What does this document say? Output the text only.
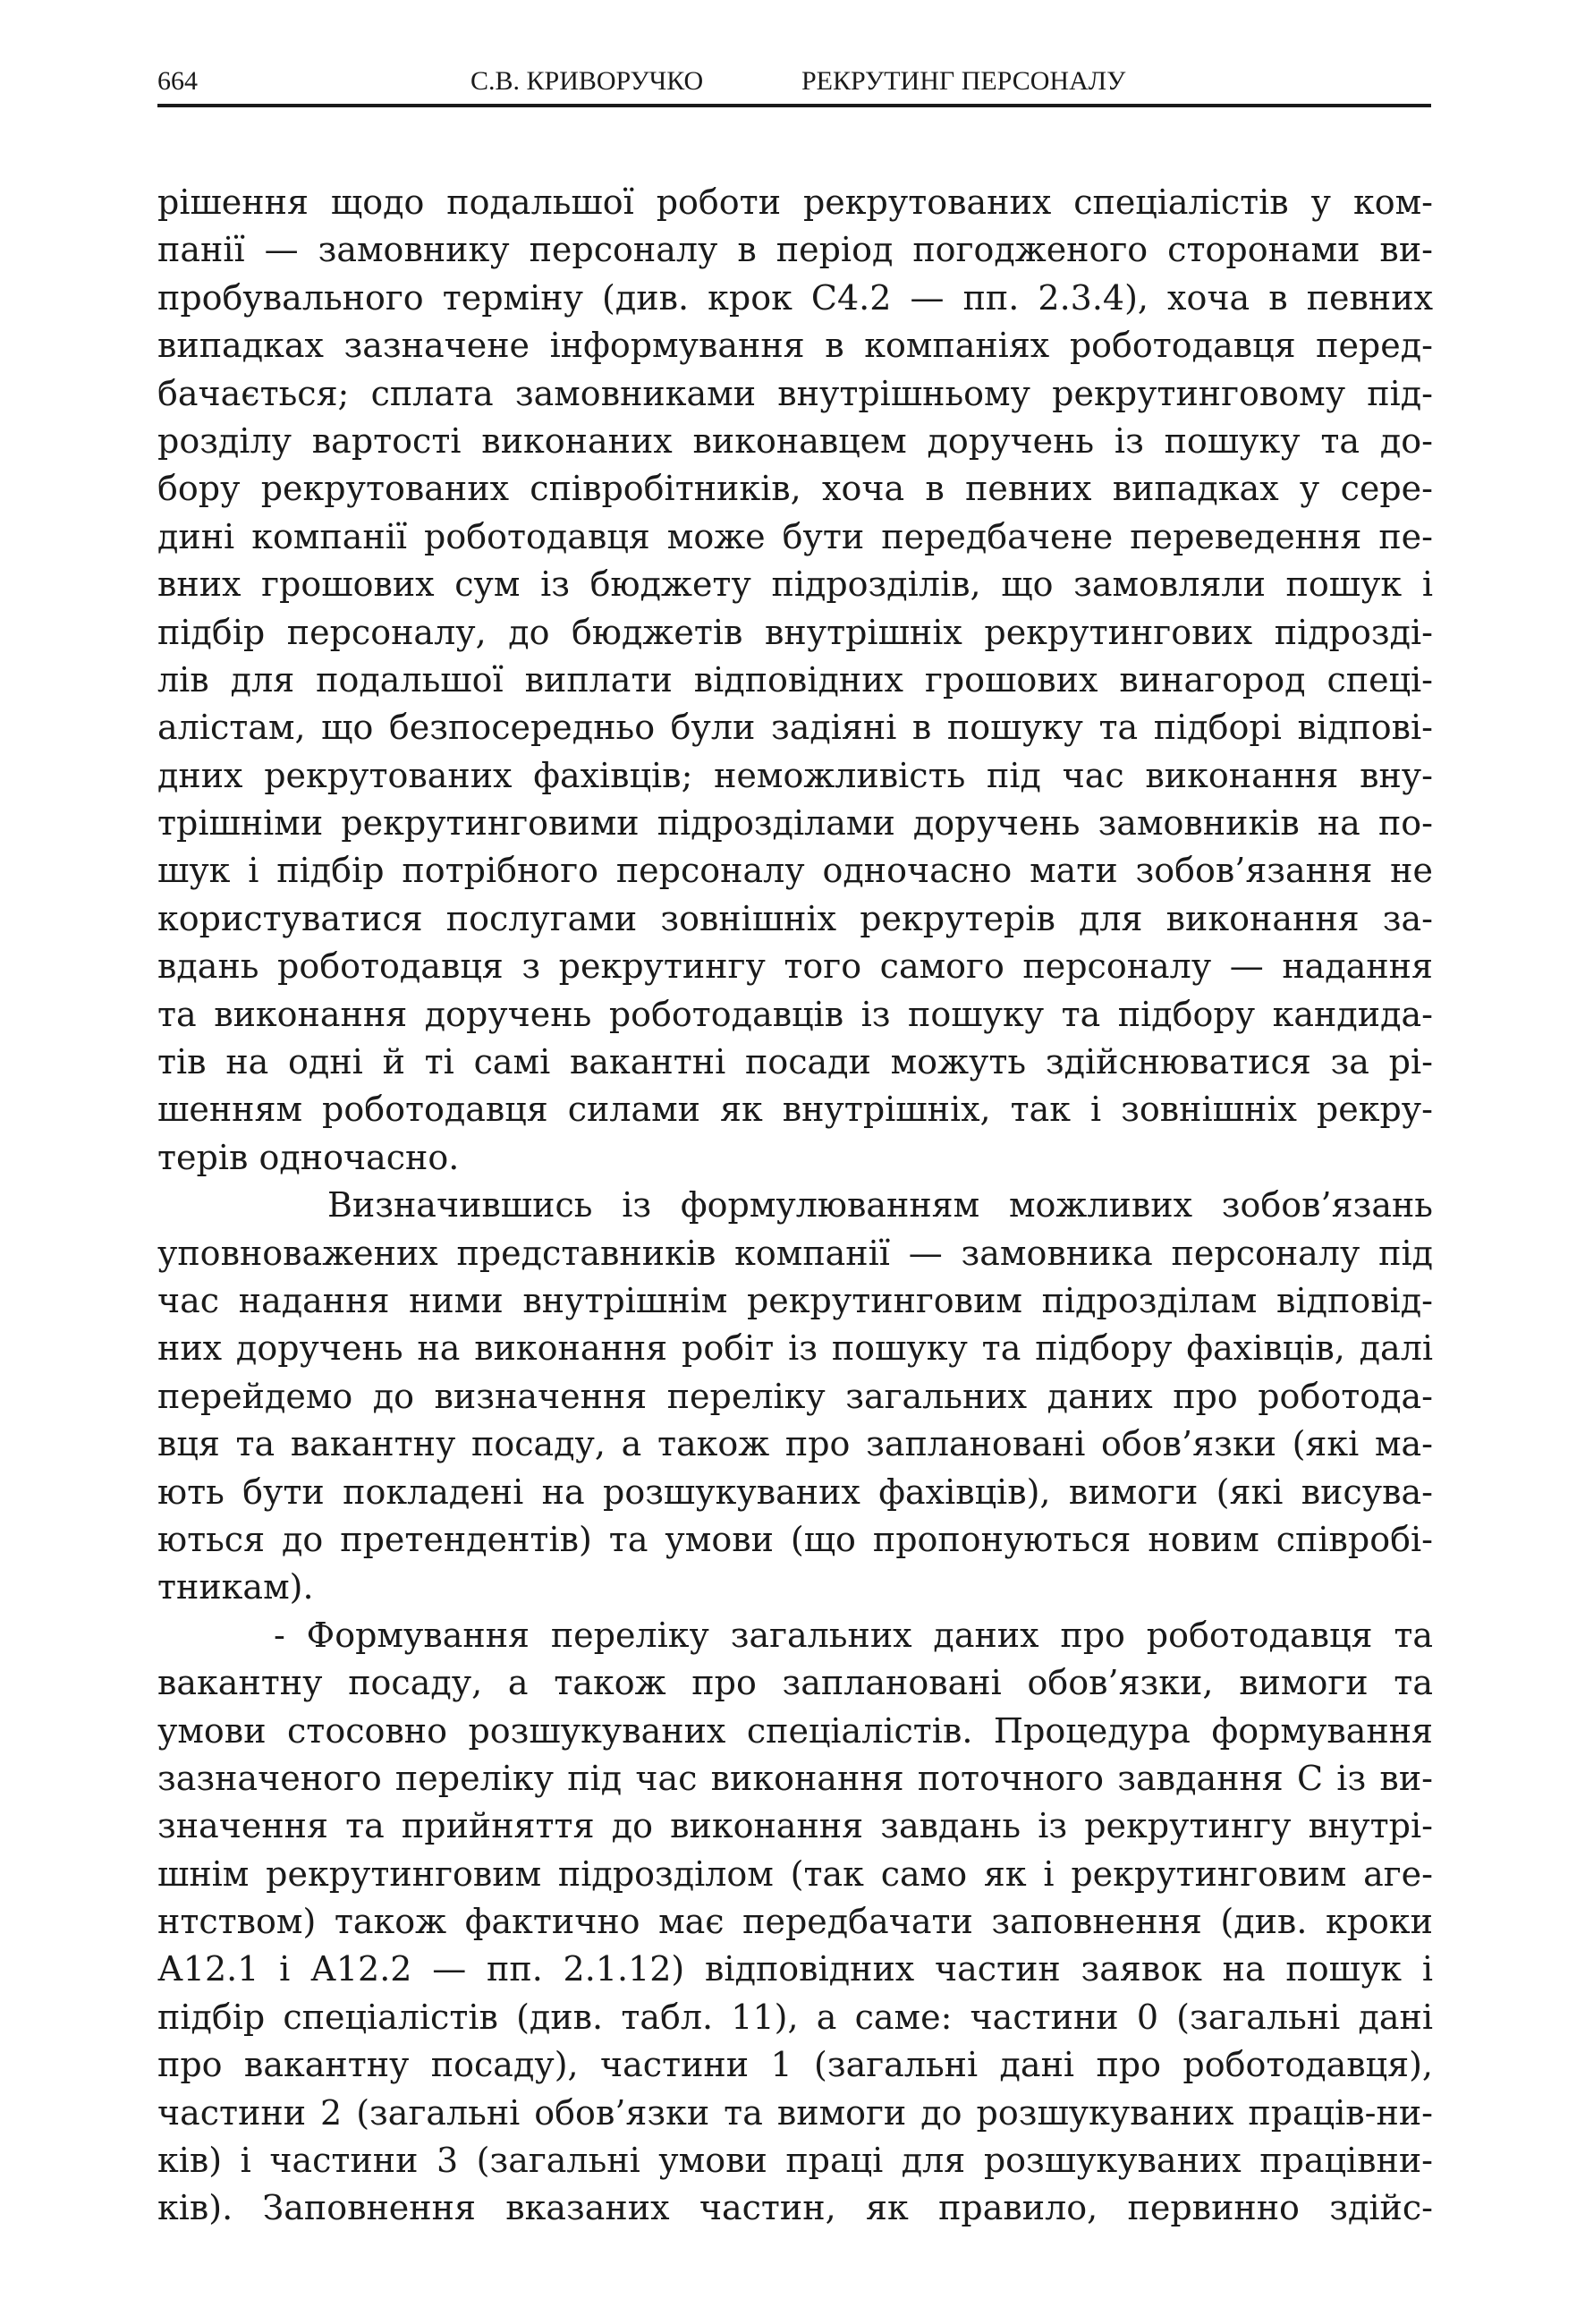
664	С.В. КРИВОРУЧКО	РЕКРУТИНГ ПЕРСОНАЛУ
рішення щодо подальшої роботи рекрутованих спеціалістів у ком-
панії — замовнику персоналу в період погодженого сторонами ви-
пробувального терміну (див. крок С4.2 — пп. 2.3.4), хоча в певних
випадках зазначене інформування в компаніях роботодавця перед-
бачається; сплата замовниками внутрішньому рекрутинговому під-
розділу вартості виконаних виконавцем доручень із пошуку та до-
бору рекрутованих співробітників, хоча в певних випадках у сере-
дині компанії роботодавця може бути передбачене переведення пе-
вних грошових сум із бюджету підрозділів, що замовляли пошук і
підбір персоналу, до бюджетів внутрішніх рекрутингових підрозді-
лів для подальшої виплати відповідних грошових винагород спеці-
алістам, що безпосередньо були задіяні в пошуку та підборі відпові-
дних рекрутованих фахівців; неможливість під час виконання вну-
трішніми рекрутинговими підрозділами доручень замовників на по-
шук і підбір потрібного персоналу одночасно мати зобов’язання не
користуватися послугами зовнішніх рекрутерів для виконання за-
вдань роботодавця з рекрутингу того самого персоналу — надання
та виконання доручень роботодавців із пошуку та підбору кандида-
тів на одні й ті самі вакантні посади можуть здійснюватися за рі-
шенням роботодавця силами як внутрішніх, так і зовнішніх рекру-
терів одночасно.
Визначившись із формулюванням можливих зобов’язань
уповноважених представників компанії — замовника персоналу під
час надання ними внутрішнім рекрутинговим підрозділам відповід-
них доручень на виконання робіт із пошуку та підбору фахівців, далі
перейдемо до визначення переліку загальних даних про роботода-
вця та вакантну посаду, а також про заплановані обов’язки (які ма-
ють бути покладені на розшукуваних фахівців), вимоги (які висува-
ються до претендентів) та умови (що пропонуються новим співробі-
тникам).
- Формування переліку загальних даних про роботодавця та
вакантну посаду, а також про заплановані обов’язки, вимоги та
умови стосовно розшукуваних спеціалістів. Процедура формування
зазначеного переліку під час виконання поточного завдання С із ви-
значення та прийняття до виконання завдань із рекрутингу внутрі-
шнім рекрутинговим підрозділом (так само як і рекрутинговим аге-
нтством) також фактично має передбачати заповнення (див. кроки
А12.1 і А12.2 — пп. 2.1.12) відповідних частин заявок на пошук і
підбір спеціалістів (див. табл. 11), а саме: частини 0 (загальні дані
про вакантну посаду), частини 1 (загальні дані про роботодавця),
частини 2 (загальні обов’язки та вимоги до розшукуваних праців-ни-
ків) і частини 3 (загальні умови праці для розшукуваних працівни-
ків). Заповнення вказаних частин, як правило, первинно здійс-
